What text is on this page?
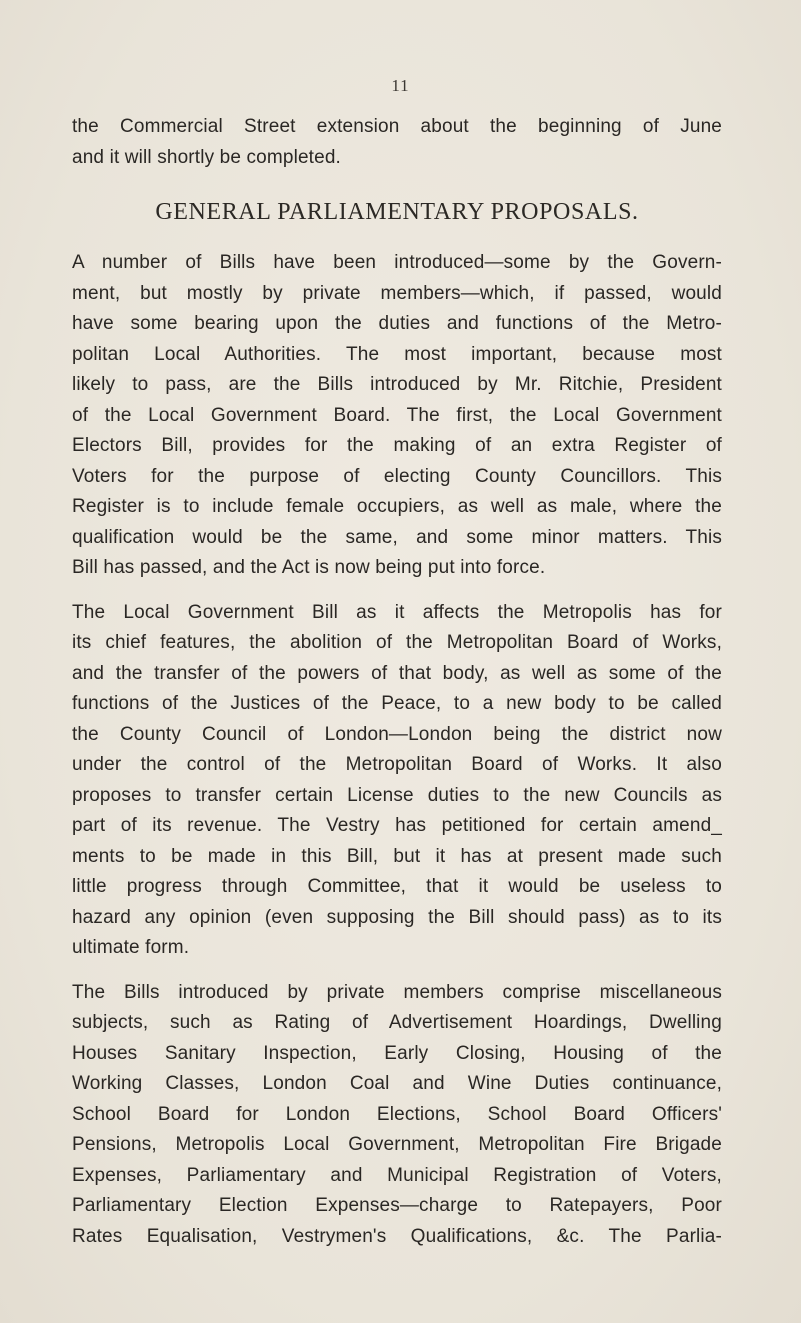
11
the Commercial Street extension about the beginning of June
and it will shortly be completed.
GENERAL PARLIAMENTARY PROPOSALS.
A number of Bills have been introduced—some by the Govern-
ment, but mostly by private members—which, if passed, would
have some bearing upon the duties and functions of the Metro-
politan Local Authorities. The most important, because most
likely to pass, are the Bills introduced by Mr. Ritchie, President
of the Local Government Board. The first, the Local Government
Electors Bill, provides for the making of an extra Register of
Voters for the purpose of electing County Councillors. This
Register is to include female occupiers, as well as male, where the
qualification would be the same, and some minor matters. This
Bill has passed, and the Act is now being put into force.
The Local Government Bill as it affects the Metropolis has for
its chief features, the abolition of the Metropolitan Board of Works,
and the transfer of the powers of that body, as well as some of the
functions of the Justices of the Peace, to a new body to be called
the County Council of London—London being the district now
under the control of the Metropolitan Board of Works. It also
proposes to transfer certain License duties to the new Councils as
part of its revenue. The Vestry has petitioned for certain amend_
ments to be made in this Bill, but it has at present made such
little progress through Committee, that it would be useless to
hazard any opinion (even supposing the Bill should pass) as to its
ultimate form.
The Bills introduced by private members comprise miscellaneous
subjects, such as Rating of Advertisement Hoardings, Dwelling
Houses Sanitary Inspection, Early Closing, Housing of the
Working Classes, London Coal and Wine Duties continuance,
School Board for London Elections, School Board Officers'
Pensions, Metropolis Local Government, Metropolitan Fire Brigade
Expenses, Parliamentary and Municipal Registration of Voters,
Parliamentary Election Expenses—charge to Ratepayers, Poor
Rates Equalisation, Vestrymen's Qualifications, &c. The Parlia-
